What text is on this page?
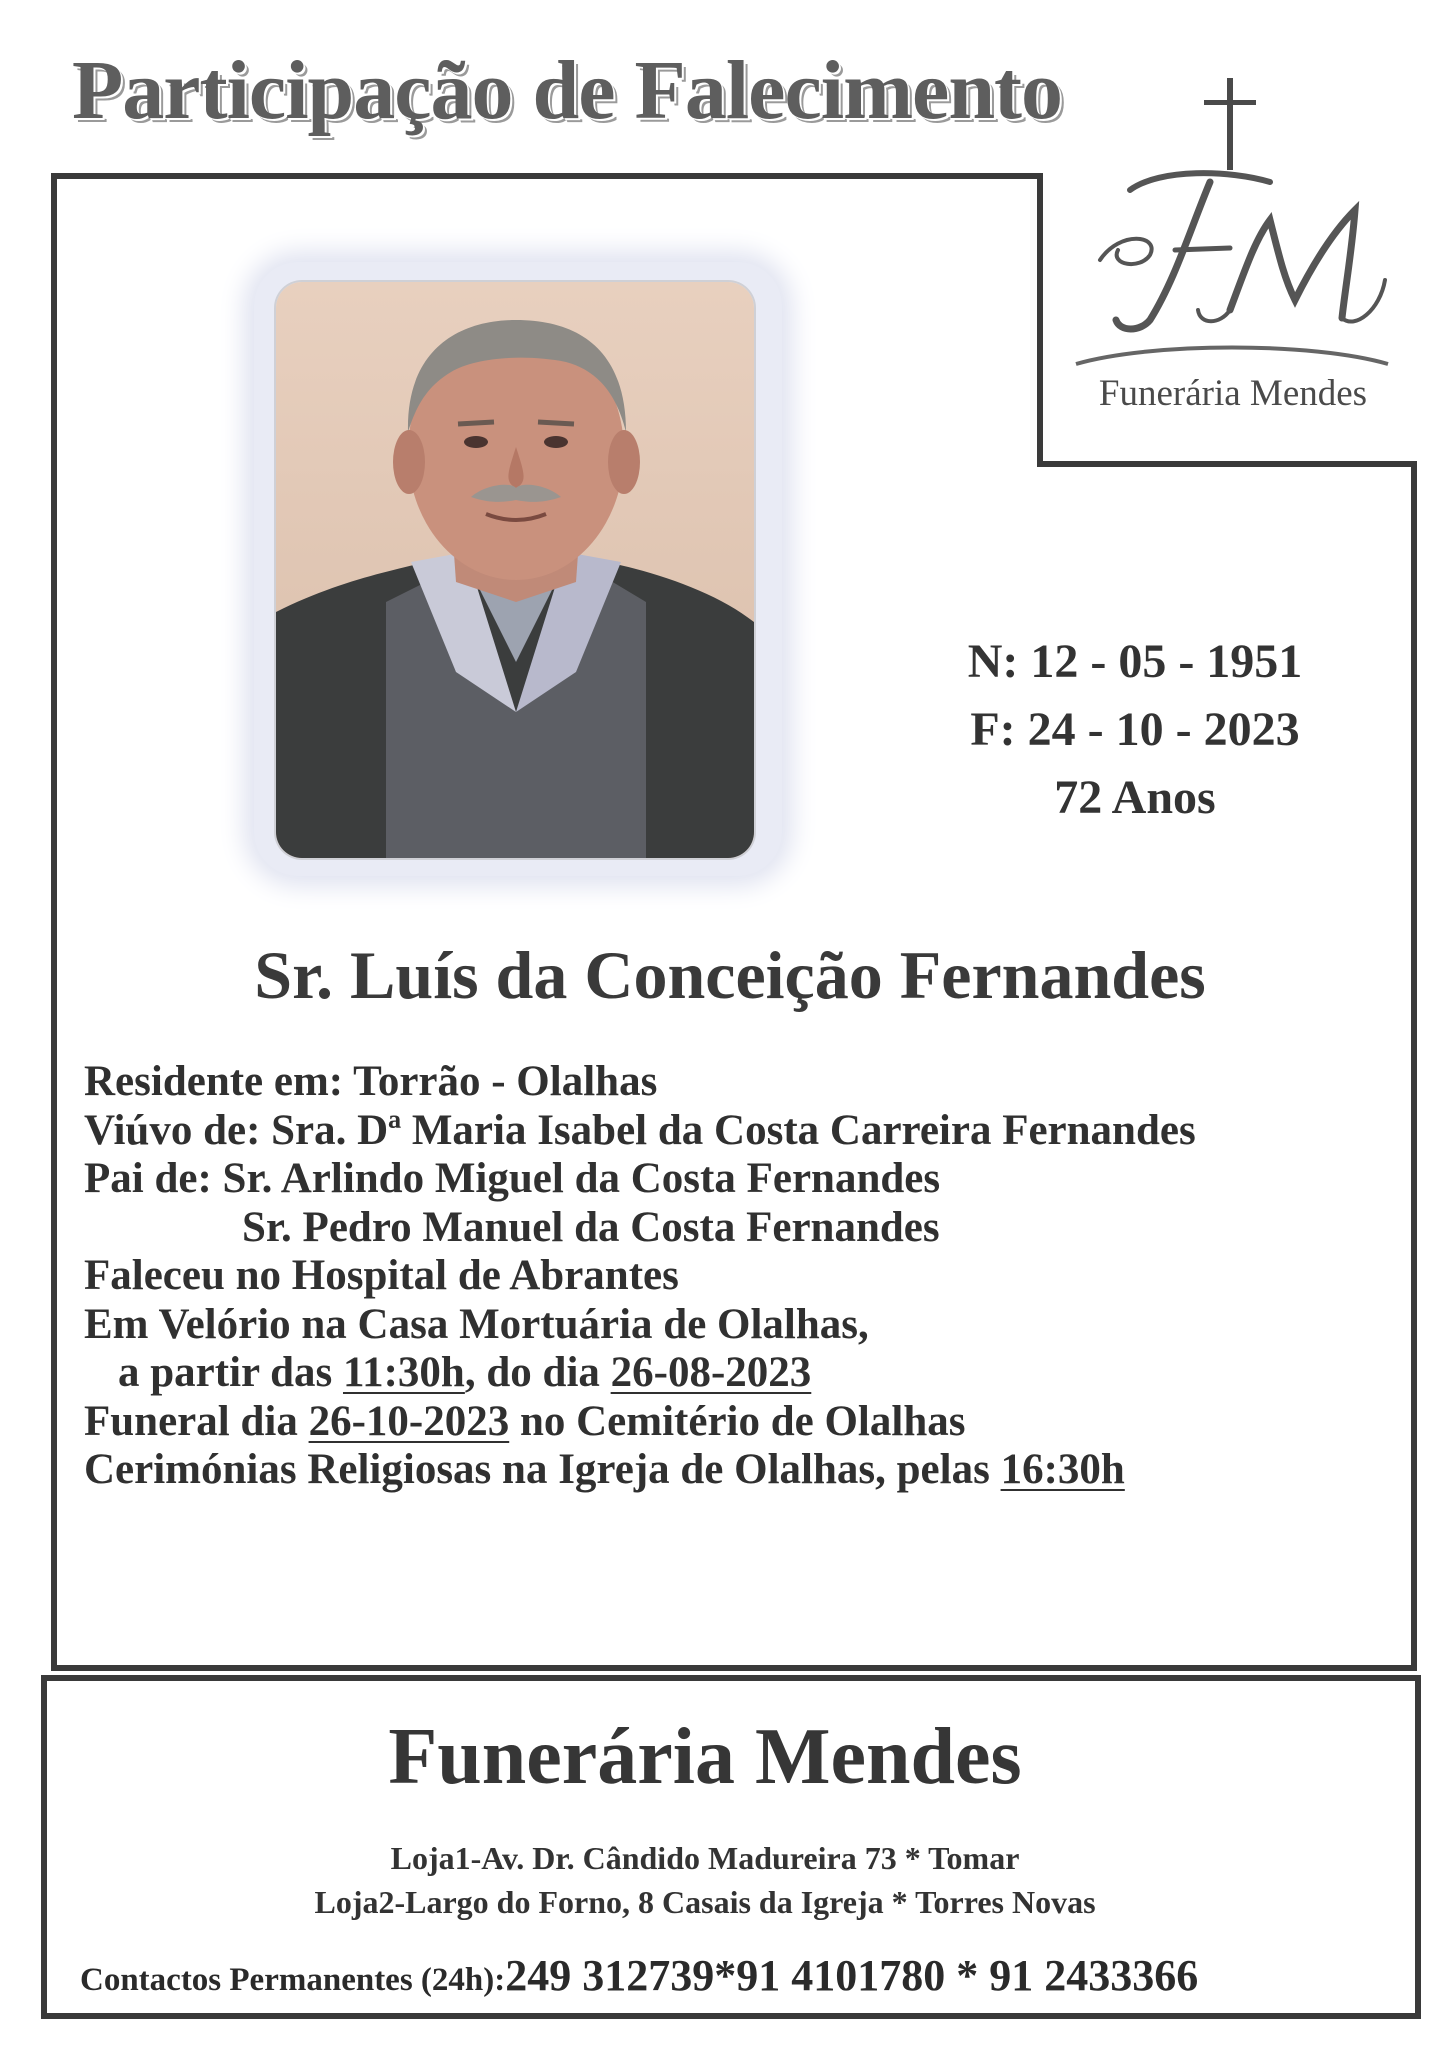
Participação de Falecimento
Funerária Mendes
N: 12 - 05 - 1951
F: 24 - 10 - 2023
72 Anos
Sr. Luís da Conceição Fernandes
Residente em: Torrão - Olalhas
Viúvo de: Sra. Dª Maria Isabel da Costa Carreira Fernandes
Pai de: Sr. Arlindo Miguel da Costa Fernandes
Sr. Pedro Manuel da Costa Fernandes
Faleceu no Hospital de Abrantes
Em Velório na Casa Mortuária de Olalhas,
a partir das 11:30h, do dia 26-08-2023
Funeral dia 26-10-2023 no Cemitério de Olalhas
Cerimónias Religiosas na Igreja de Olalhas, pelas 16:30h
Funerária Mendes
Loja1-Av. Dr. Cândido Madureira 73 * Tomar
Loja2-Largo do Forno, 8 Casais da Igreja * Torres Novas
Contactos Permanentes (24h):249 312739*91 4101780 * 91 2433366
